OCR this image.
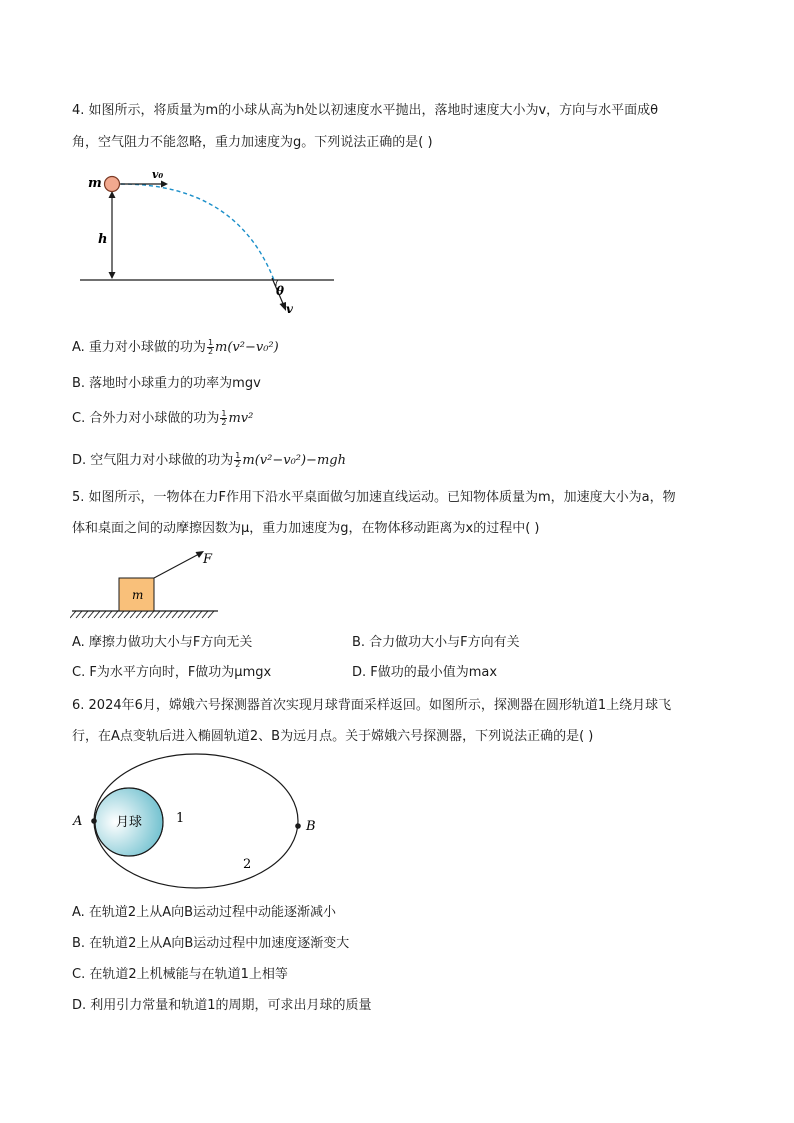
4. 如图所示，将质量为m的小球从高为h处以初速度水平抛出，落地时速度大小为v，方向与水平面成θ
角，空气阻力不能忽略，重力加速度为g。下列说法正确的是( )
m
v₀
h
θ
v
A. 重力对小球做的功为 $\frac{1}{2} m(v^2-v_0^2)$
B. 落地时小球重力的功率为mgv
C. 合外力对小球做的功为 $\frac{1}{2} mv^2$
D. 空气阻力对小球做的功为 $\frac{1}{2} m(v^2-v_0^2)-mgh$
5. 如图所示，一物体在力F作用下沿水平桌面做匀加速直线运动。已知物体质量为m，加速度大小为a，物
体和桌面之间的动摩擦因数为μ，重力加速度为g，在物体移动距离为x的过程中( )
m
F
A. 摩擦力做功大小与F方向无关	B. 合力做功大小与F方向有关
C. F为水平方向时，F做功为μmgx	D. F做功的最小值为max
6. 2024年6月，嫦娥六号探测器首次实现月球背面采样返回。如图所示，探测器在圆形轨道1上绕月球飞
行，在A点变轨后进入椭圆轨道2、B为远月点。关于嫦娥六号探测器，下列说法正确的是( )
A	B
月球	1
2
A. 在轨道2上从A向B运动过程中动能逐渐减小
B. 在轨道2上从A向B运动过程中加速度逐渐变大
C. 在轨道2上机械能与在轨道1上相等
D. 利用引力常量和轨道1的周期，可求出月球的质量
